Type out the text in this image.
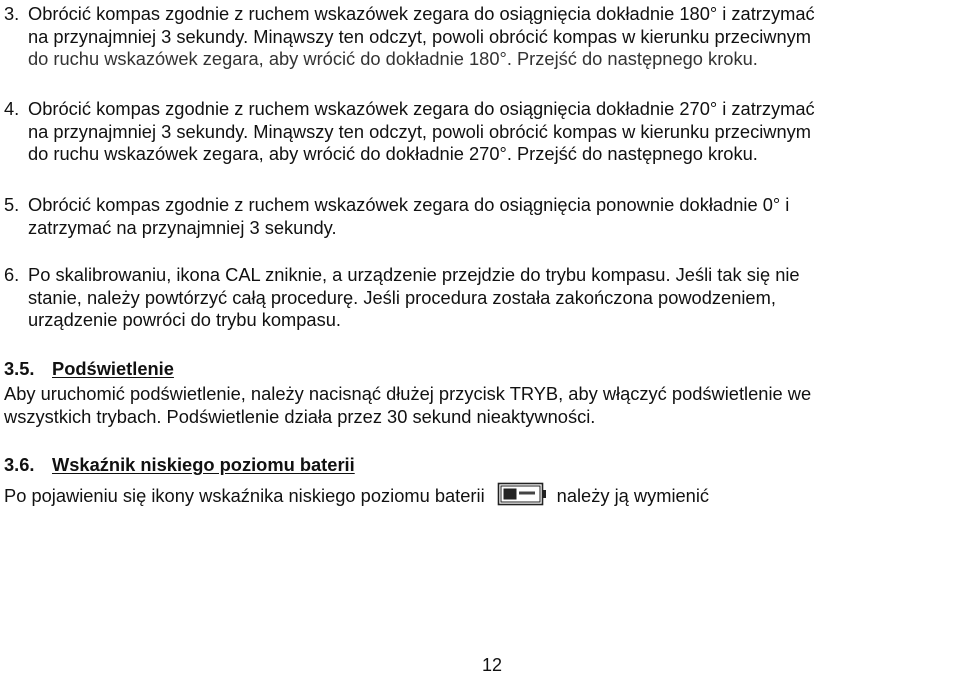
3. Obrócić kompas zgodnie z ruchem wskazówek zegara do osiągnięcia dokładnie 180° i zatrzymać
na przynajmniej 3 sekundy. Minąwszy ten odczyt, powoli obrócić kompas w kierunku przeciwnym
do ruchu wskazówek zegara, aby wrócić do dokładnie 180°. Przejść do następnego kroku.
4. Obrócić kompas zgodnie z ruchem wskazówek zegara do osiągnięcia dokładnie 270° i zatrzymać
na przynajmniej 3 sekundy. Minąwszy ten odczyt, powoli obrócić kompas w kierunku przeciwnym
do ruchu wskazówek zegara, aby wrócić do dokładnie 270°. Przejść do następnego kroku.
5. Obrócić kompas zgodnie z ruchem wskazówek zegara do osiągnięcia ponownie dokładnie 0° i
zatrzymać na przynajmniej 3 sekundy.
6. Po skalibrowaniu, ikona CAL zniknie, a urządzenie przejdzie do trybu kompasu. Jeśli tak się nie
stanie, należy powtórzyć całą procedurę. Jeśli procedura została zakończona powodzeniem,
urządzenie powróci do trybu kompasu.
3.5. Podświetlenie
Aby uruchomić podświetlenie, należy nacisnąć dłużej przycisk TRYB, aby włączyć podświetlenie we
wszystkich trybach. Podświetlenie działa przez 30 sekund nieaktywności.
3.6. Wskaźnik niskiego poziomu baterii
Po pojawieniu się ikony wskaźnika niskiego poziomu baterii	należy ją wymienić
12
